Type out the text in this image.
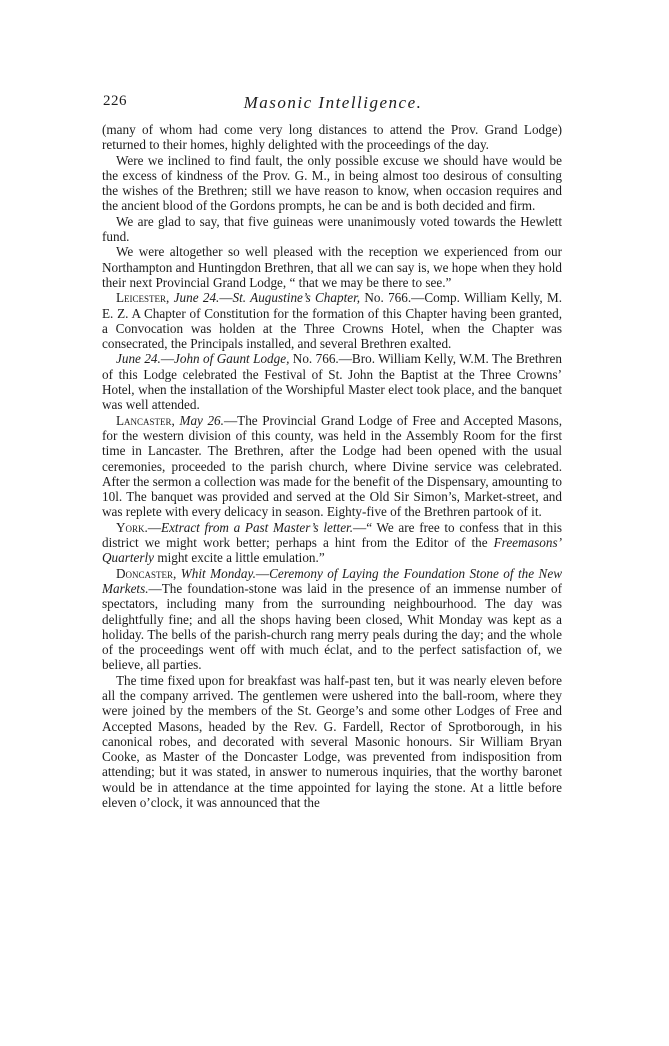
226	Masonic Intelligence.

(many of whom had come very long distances to attend the Prov. Grand Lodge) returned to their homes, highly delighted with the proceedings of the day.

Were we inclined to find fault, the only possible excuse we should have would be the excess of kindness of the Prov. G. M., in being almost too desirous of consulting the wishes of the Brethren; still we have reason to know, when occasion requires and the ancient blood of the Gordons prompts, he can be and is both decided and firm.

We are glad to say, that five guineas were unanimously voted towards the Hewlett fund.

We were altogether so well pleased with the reception we experienced from our Northampton and Huntingdon Brethren, that all we can say is, we hope when they hold their next Provincial Grand Lodge, “ that we may be there to see.”

Leicester, June 24.—St. Augustine’s Chapter, No. 766.—Comp. William Kelly, M. E. Z. A Chapter of Constitution for the formation of this Chapter having been granted, a Convocation was holden at the Three Crowns Hotel, when the Chapter was consecrated, the Principals installed, and several Brethren exalted.

June 24.—John of Gaunt Lodge, No. 766.—Bro. William Kelly, W.M. The Brethren of this Lodge celebrated the Festival of St. John the Baptist at the Three Crowns’ Hotel, when the installation of the Worshipful Master elect took place, and the banquet was well attended.

Lancaster, May 26.—The Provincial Grand Lodge of Free and Accepted Masons, for the western division of this county, was held in the Assembly Room for the first time in Lancaster. The Brethren, after the Lodge had been opened with the usual ceremonies, proceeded to the parish church, where Divine service was celebrated. After the sermon a collection was made for the benefit of the Dispensary, amounting to 10l. The banquet was provided and served at the Old Sir Simon’s, Market-street, and was replete with every delicacy in season. Eighty-five of the Brethren partook of it.

York.—Extract from a Past Master’s letter.—“ We are free to confess that in this district we might work better; perhaps a hint from the Editor of the Freemasons’ Quarterly might excite a little emulation.”

Doncaster, Whit Monday.—Ceremony of Laying the Foundation Stone of the New Markets.—The foundation-stone was laid in the presence of an immense number of spectators, including many from the surrounding neighbourhood. The day was delightfully fine; and all the shops having been closed, Whit Monday was kept as a holiday. The bells of the parish-church rang merry peals during the day; and the whole of the proceedings went off with much éclat, and to the perfect satisfaction of, we believe, all parties.

The time fixed upon for breakfast was half-past ten, but it was nearly eleven before all the company arrived. The gentlemen were ushered into the ball-room, where they were joined by the members of the St. George’s and some other Lodges of Free and Accepted Masons, headed by the Rev. G. Fardell, Rector of Sprotborough, in his canonical robes, and decorated with several Masonic honours. Sir William Bryan Cooke, as Master of the Doncaster Lodge, was prevented from indisposition from attending; but it was stated, in answer to numerous inquiries, that the worthy baronet would be in attendance at the time appointed for laying the stone. At a little before eleven o’clock, it was announced that the
